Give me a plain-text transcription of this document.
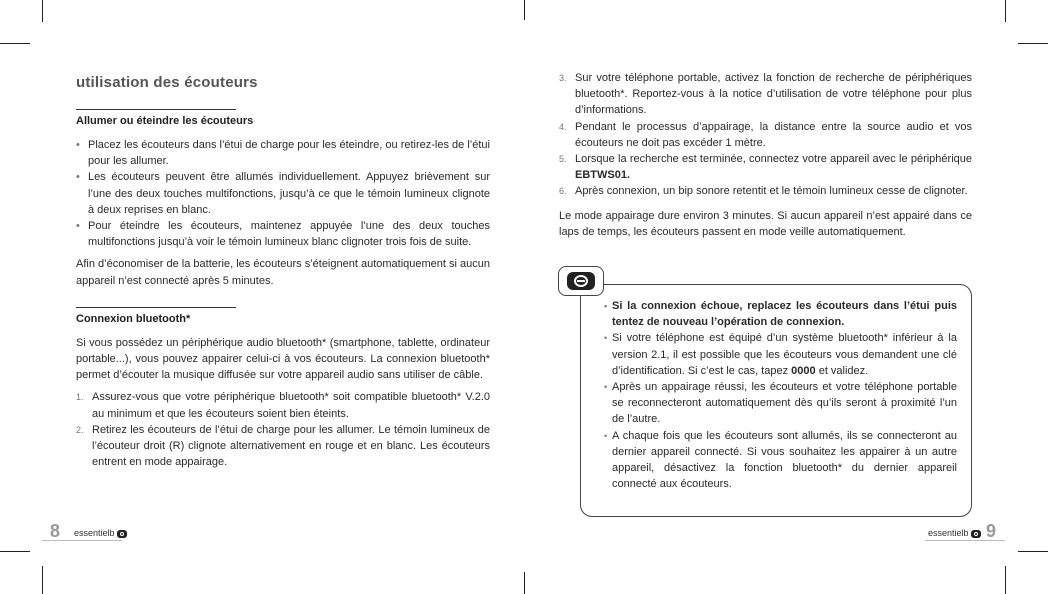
utilisation des écouteurs
Allumer ou éteindre les écouteurs
• Placez les écouteurs dans l’étui de charge pour les éteindre, ou retirez-les de l’étui pour les allumer.
• Les écouteurs peuvent être allumés individuellement. Appuyez brièvement sur l’une des deux touches multifonctions, jusqu’à ce que le témoin lumineux clignote à deux reprises en blanc.
• Pour éteindre les écouteurs, maintenez appuyée l’une des deux touches multifonctions jusqu’à voir le témoin lumineux blanc clignoter trois fois de suite.

Afin d’économiser de la batterie, les écouteurs s’éteignent automatiquement si aucun appareil n’est connecté après 5 minutes.

Connexion bluetooth*

Si vous possédez un périphérique audio bluetooth* (smartphone, tablette, ordinateur portable...), vous pouvez appairer celui-ci à vos écouteurs. La connexion bluetooth* permet d’écouter la musique diffusée sur votre appareil audio sans utiliser de câble.

1. Assurez-vous que votre périphérique bluetooth* soit compatible bluetooth* V.2.0 au minimum et que les écouteurs soient bien éteints.
2. Retirez les écouteurs de l’étui de charge pour les allumer. Le témoin lumineux de l’écouteur droit (R) clignote alternativement en rouge et en blanc. Les écouteurs entrent en mode appairage.
3. Sur votre téléphone portable, activez la fonction de recherche de périphériques bluetooth*. Reportez-vous à la notice d’utilisation de votre téléphone pour plus d’informations.
4. Pendant le processus d’appairage, la distance entre la source audio et vos écouteurs ne doit pas excéder 1 mètre.
5. Lorsque la recherche est terminée, connectez votre appareil avec le périphérique EBTWS01.
6. Après connexion, un bip sonore retentit et le témoin lumineux cesse de clignoter.

Le mode appairage dure environ 3 minutes. Si aucun appareil n’est appairé dans ce laps de temps, les écouteurs passent en mode veille automatiquement.

• Si la connexion échoue, replacez les écouteurs dans l’étui puis tentez de nouveau l’opération de connexion.
• Si votre téléphone est équipé d’un système bluetooth* inférieur à la version 2.1, il est possible que les écouteurs vous demandent une clé d’identification. Si c’est le cas, tapez 0000 et validez.
• Après un appairage réussi, les écouteurs et votre téléphone portable se reconnecteront automatiquement dès qu’ils seront à proximité l’un de l’autre.
• A chaque fois que les écouteurs sont allumés, ils se connecteront au dernier appareil connecté. Si vous souhaitez les appairer à un autre appareil, désactivez la fonction bluetooth* du dernier appareil connecté aux écouteurs.
8 essentielb	essentielb 9
